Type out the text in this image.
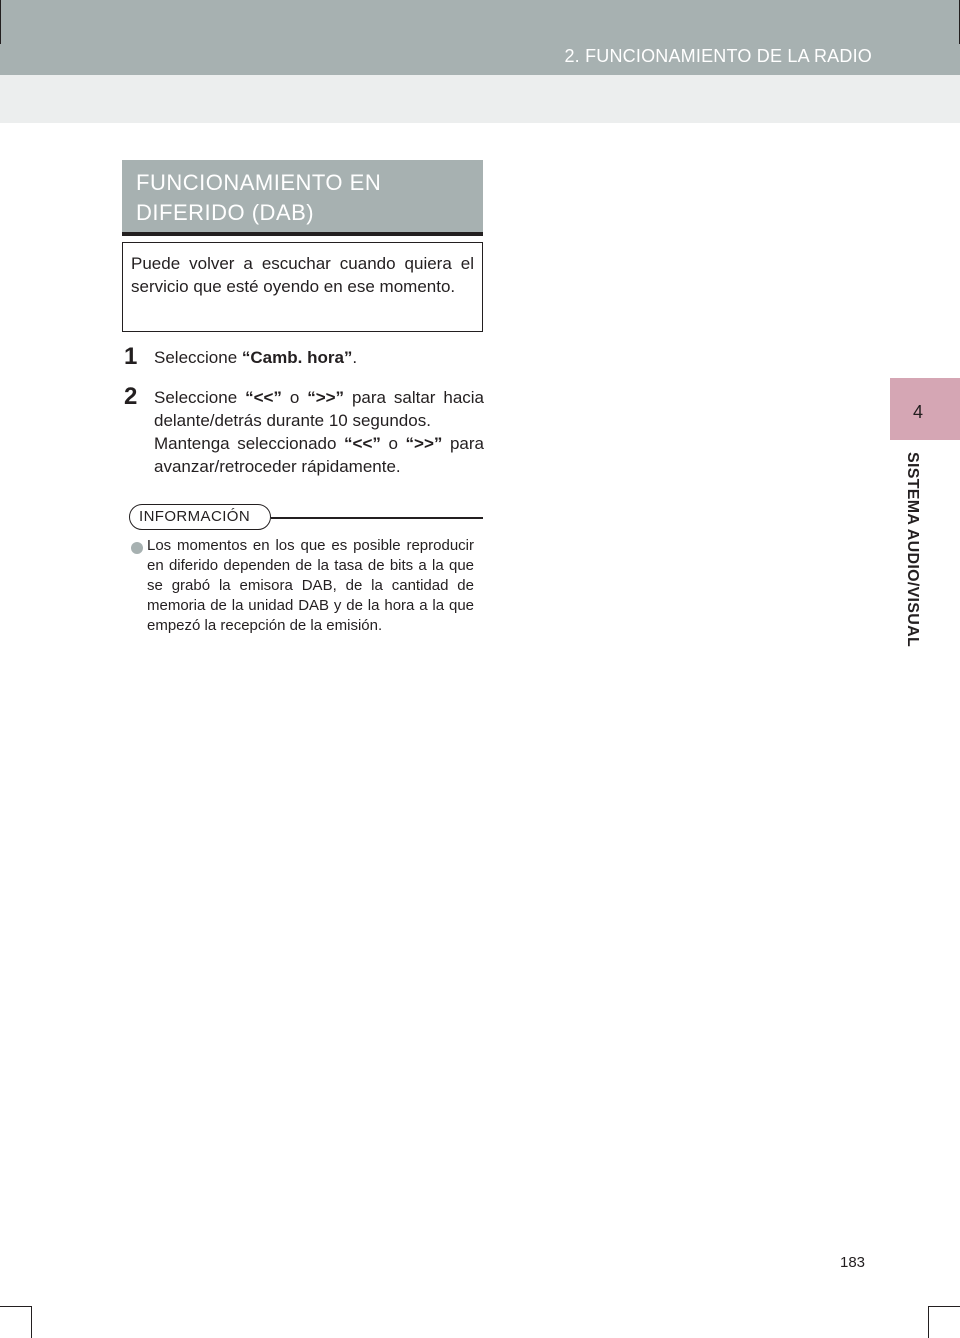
2. FUNCIONAMIENTO DE LA RADIO
4
SISTEMA AUDIO/VISUAL
FUNCIONAMIENTO EN DIFERIDO (DAB)
Puede volver a escuchar cuando quiera el servicio que esté oyendo en ese momento.
1 Seleccione “Camb. hora”.
2 Seleccione “<<” o “>>” para saltar hacia delante/detrás durante 10 segundos.
Mantenga seleccionado “<<” o “>>” para avanzar/retroceder rápidamente.
INFORMACIÓN
Los momentos en los que es posible reproducir en diferido dependen de la tasa de bits a la que se grabó la emisora DAB, de la cantidad de memoria de la unidad DAB y de la hora a la que empezó la recepción de la emisión.
183
